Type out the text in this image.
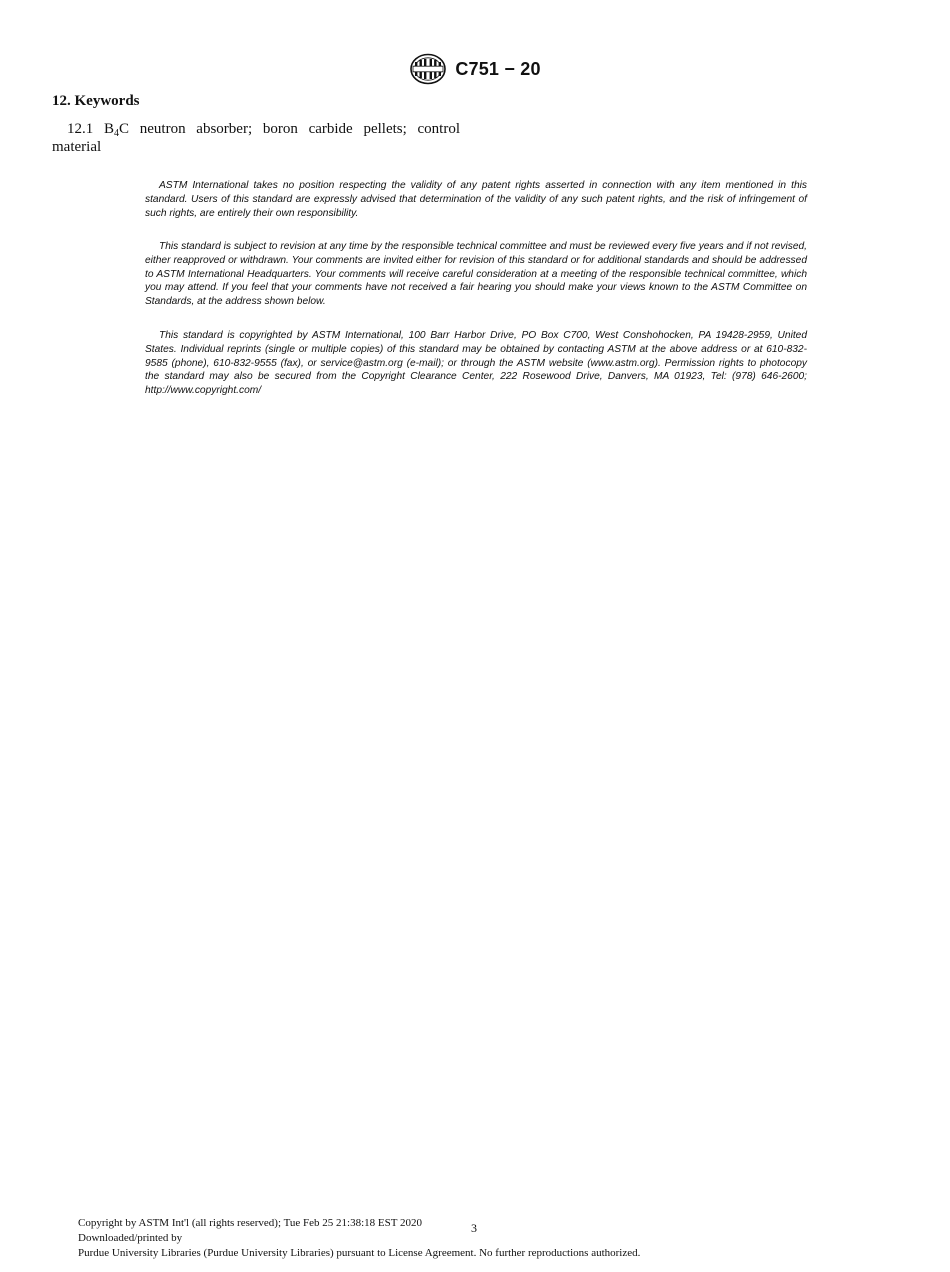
C751 − 20
12. Keywords

12.1 $B_4C$ neutron absorber; boron carbide pellets; control material

ASTM International takes no position respecting the validity of any patent rights asserted in connection with any item mentioned in this standard. Users of this standard are expressly advised that determination of the validity of any such patent rights, and the risk of infringement of such rights, are entirely their own responsibility.

This standard is subject to revision at any time by the responsible technical committee and must be reviewed every five years and if not revised, either reapproved or withdrawn. Your comments are invited either for revision of this standard or for additional standards and should be addressed to ASTM International Headquarters. Your comments will receive careful consideration at a meeting of the responsible technical committee, which you may attend. If you feel that your comments have not received a fair hearing you should make your views known to the ASTM Committee on Standards, at the address shown below.

This standard is copyrighted by ASTM International, 100 Barr Harbor Drive, PO Box C700, West Conshohocken, PA 19428-2959, United States. Individual reprints (single or multiple copies) of this standard may be obtained by contacting ASTM at the above address or at 610-832-9585 (phone), 610-832-9555 (fax), or service@astm.org (e-mail); or through the ASTM website (www.astm.org). Permission rights to photocopy the standard may also be secured from the Copyright Clearance Center, 222 Rosewood Drive, Danvers, MA 01923, Tel: (978) 646-2600; http://www.copyright.com/

Copyright by ASTM Int'l (all rights reserved); Tue Feb 25 21:38:18 EST 2020
Downloaded/printed by
Purdue University Libraries (Purdue University Libraries) pursuant to License Agreement. No further reproductions authorized.
3
